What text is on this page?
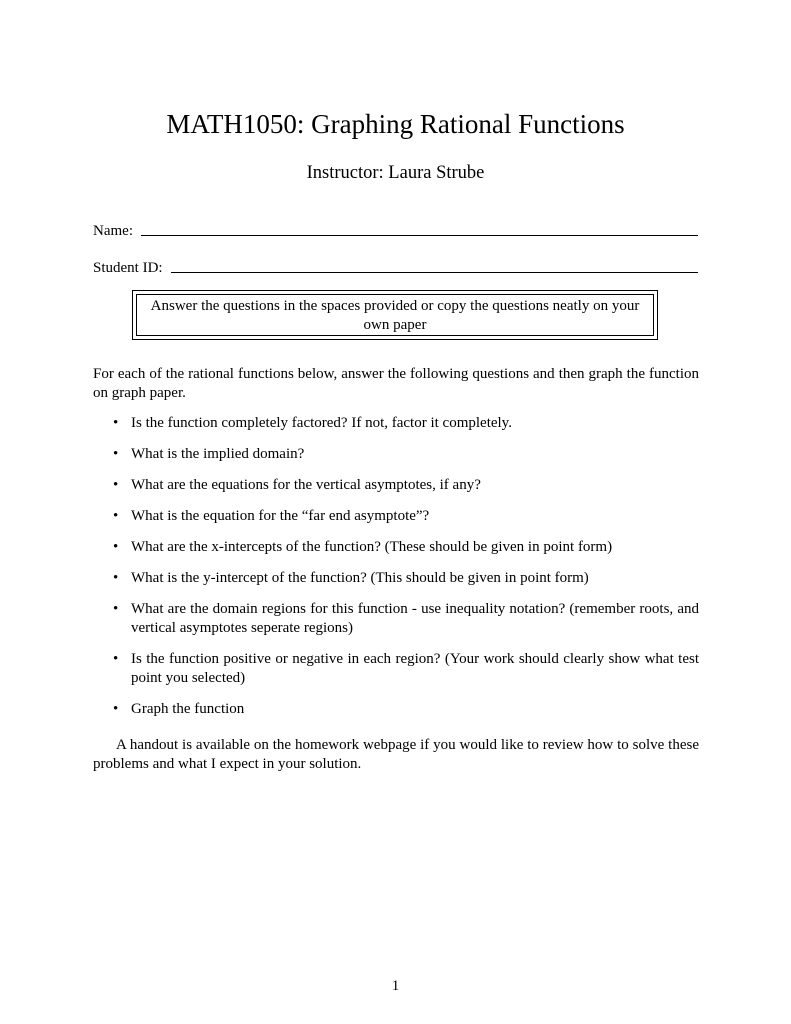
MATH1050: Graphing Rational Functions
Instructor: Laura Strube
Name:
Student ID:
Answer the questions in the spaces provided or copy the questions neatly on your own paper
For each of the rational functions below, answer the following questions and then graph the function on graph paper.
• Is the function completely factored? If not, factor it completely.
• What is the implied domain?
• What are the equations for the vertical asymptotes, if any?
• What is the equation for the “far end asymptote”?
• What are the x-intercepts of the function? (These should be given in point form)
• What is the y-intercept of the function? (This should be given in point form)
• What are the domain regions for this function - use inequality notation? (remember roots, and vertical asymptotes seperate regions)
• Is the function positive or negative in each region? (Your work should clearly show what test point you selected)
• Graph the function
A handout is available on the homework webpage if you would like to review how to solve these problems and what I expect in your solution.
1
